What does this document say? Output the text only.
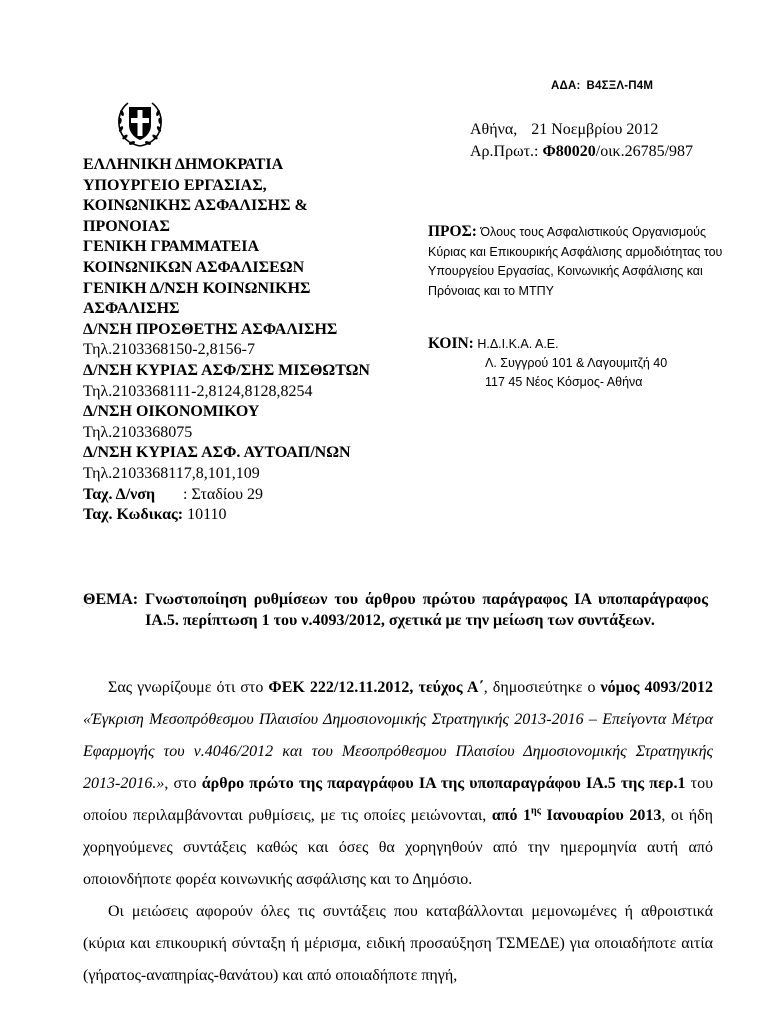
ΑΔΑ: Β4ΣΞΛ-Π4Μ
Αθήνα, 21 Νοεμβρίου 2012
Αρ.Πρωτ.: Φ80020/οικ.26785/987
ΕΛΛΗΝΙΚΗ ΔΗΜΟΚΡΑΤΙΑ
ΥΠΟΥΡΓΕΙΟ ΕΡΓΑΣΙΑΣ,
ΚΟΙΝΩΝΙΚΗΣ ΑΣΦΑΛΙΣΗΣ &
ΠΡΟΝΟΙΑΣ
ΓΕΝΙΚΗ ΓΡΑΜΜΑΤΕΙΑ
ΚΟΙΝΩΝΙΚΩΝ ΑΣΦΑΛΙΣΕΩΝ
ΓΕΝΙΚΗ Δ/ΝΣΗ ΚΟΙΝΩΝΙΚΗΣ
ΑΣΦΑΛΙΣΗΣ
Δ/ΝΣΗ ΠΡΟΣΘΕΤΗΣ ΑΣΦΑΛΙΣΗΣ
Τηλ.2103368150-2,8156-7
Δ/ΝΣΗ ΚΥΡΙΑΣ ΑΣΦ/ΣΗΣ ΜΙΣΘΩΤΩΝ
Τηλ.2103368111-2,8124,8128,8254
Δ/ΝΣΗ ΟΙΚΟΝΟΜΙΚΟΥ
Τηλ.2103368075
Δ/ΝΣΗ ΚΥΡΙΑΣ ΑΣΦ. ΑΥΤΟΑΠ/ΝΩΝ
Τηλ.2103368117,8,101,109
Ταχ. Δ/νση : Σταδίου 29
Ταχ. Κωδικας: 10110
ΠΡΟΣ: Όλους τους Ασφαλιστικούς Οργανισμούς Κύριας και Επικουρικής Ασφάλισης αρμοδιότητας του Υπουργείου Εργασίας, Κοινωνικής Ασφάλισης και Πρόνοιας και το ΜΤΠΥ
ΚΟΙΝ: Η.Δ.Ι.Κ.Α. Α.Ε.
Λ. Συγγρού 101 & Λαγουμιτζή 40
117 45 Νέος Κόσμος- Αθήνα
ΘΕΜΑ: Γνωστοποίηση ρυθμίσεων του άρθρου πρώτου παράγραφος ΙΑ υποπαράγραφος ΙΑ.5. περίπτωση 1 του ν.4093/2012, σχετικά με την μείωση των συντάξεων.

Σας γνωρίζουμε ότι στο ΦΕΚ 222/12.11.2012, τεύχος Α΄, δημοσιεύτηκε ο νόμος 4093/2012 «Έγκριση Μεσοπρόθεσμου Πλαισίου Δημοσιονομικής Στρατηγικής 2013-2016 – Επείγοντα Μέτρα Εφαρμογής του ν.4046/2012 και του Μεσοπρόθεσμου Πλαισίου Δημοσιονομικής Στρατηγικής 2013-2016.», στο άρθρο πρώτο της παραγράφου ΙΑ της υποπαραγράφου ΙΑ.5 της περ.1 του οποίου περιλαμβάνονται ρυθμίσεις, με τις οποίες μειώνονται, από $1^{\eta\varsigma}$ Ιανουαρίου 2013, οι ήδη χορηγούμενες συντάξεις καθώς και όσες θα χορηγηθούν από την ημερομηνία αυτή από οποιονδήποτε φορέα κοινωνικής ασφάλισης και το Δημόσιο.

Οι μειώσεις αφορούν όλες τις συντάξεις που καταβάλλονται μεμονωμένες ή αθροιστικά (κύρια και επικουρική σύνταξη ή μέρισμα, ειδική προσαύξηση ΤΣΜΕΔΕ) για οποιαδήποτε αιτία (γήρατος-αναπηρίας-θανάτου) και από οποιαδήποτε πηγή,
